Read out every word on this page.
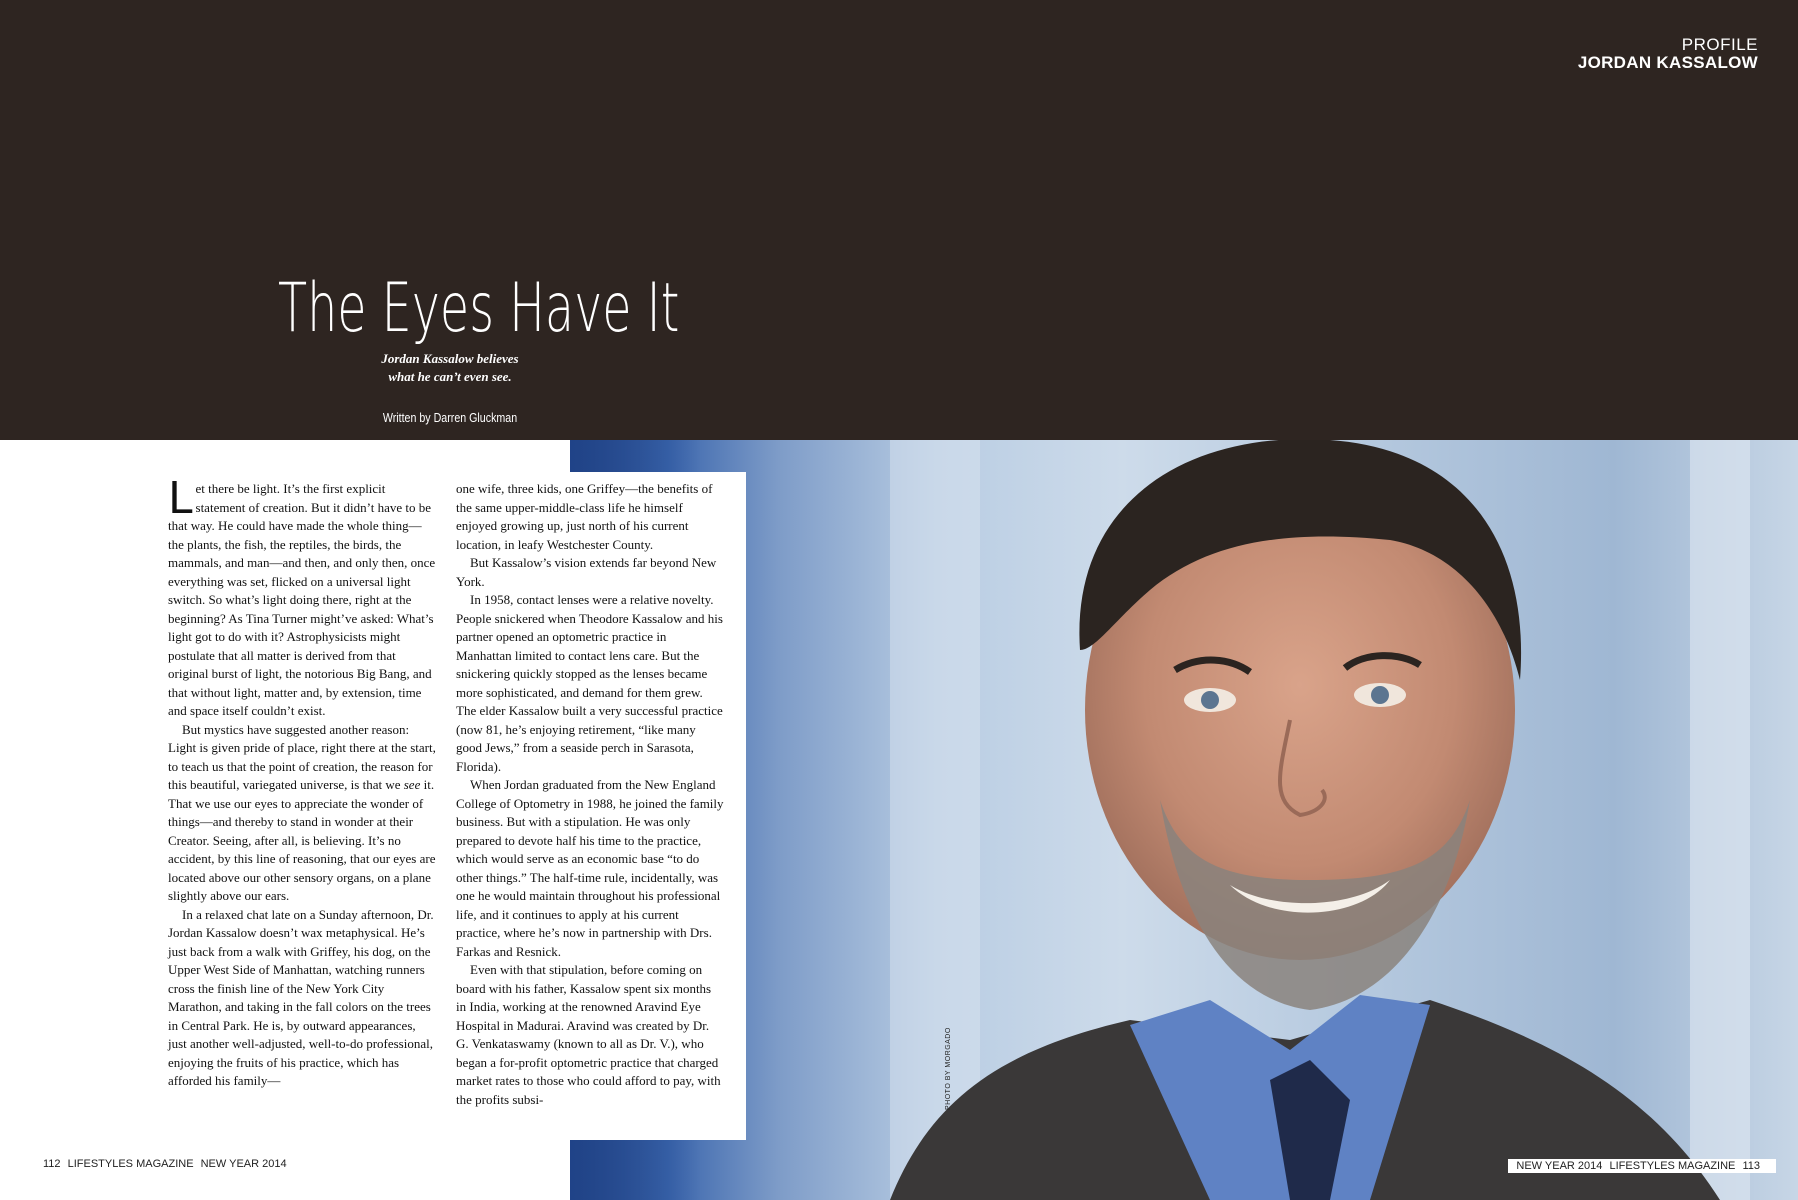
PROFILE
JORDAN KASSALOW
The Eyes Have It
Jordan Kassalow believes
what he can’t even see.
Written by Darren Gluckman
PHOTO BY MORGADO

Let there be light. It’s the first explicit statement of creation. But it didn’t have to be that way. He could have made the whole thing—the plants, the fish, the reptiles, the birds, the mammals, and man—and then, and only then, once everything was set, flicked on a universal light switch. So what’s light doing there, right at the beginning? As Tina Turner might’ve asked: What’s light got to do with it? Astrophysicists might postulate that all matter is derived from that original burst of light, the notorious Big Bang, and that without light, matter and, by extension, time and space itself couldn’t exist.

But mystics have suggested another reason: Light is given pride of place, right there at the start, to teach us that the point of creation, the reason for this beautiful, variegated universe, is that we see it. That we use our eyes to appreciate the wonder of things—and thereby to stand in wonder at their Creator. Seeing, after all, is believing. It’s no accident, by this line of reasoning, that our eyes are located above our other sensory organs, on a plane slightly above our ears.

In a relaxed chat late on a Sunday afternoon, Dr. Jordan Kassalow doesn’t wax metaphysical. He’s just back from a walk with Griffey, his dog, on the Upper West Side of Manhattan, watching runners cross the finish line of the New York City Marathon, and taking in the fall colors on the trees in Central Park. He is, by outward appearances, just another well-adjusted, well-to-do professional, enjoying the fruits of his practice, which has afforded his family—

one wife, three kids, one Griffey—the benefits of the same upper-middle-class life he himself enjoyed growing up, just north of his current location, in leafy Westchester County.

But Kassalow’s vision extends far beyond New York.

In 1958, contact lenses were a relative novelty. People snickered when Theodore Kassalow and his partner opened an optometric practice in Manhattan limited to contact lens care. But the snickering quickly stopped as the lenses became more sophisticated, and demand for them grew. The elder Kassalow built a very successful practice (now 81, he’s enjoying retirement, “like many good Jews,” from a seaside perch in Sarasota, Florida).

When Jordan graduated from the New England College of Optometry in 1988, he joined the family business. But with a stipulation. He was only prepared to devote half his time to the practice, which would serve as an economic base “to do other things.” The half-time rule, incidentally, was one he would maintain throughout his professional life, and it continues to apply at his current practice, where he’s now in partnership with Drs. Farkas and Resnick.

Even with that stipulation, before coming on board with his father, Kassalow spent six months in India, working at the renowned Aravind Eye Hospital in Madurai. Aravind was created by Dr. G. Venkataswamy (known to all as Dr. V.), who began a for-profit optometric practice that charged market rates to those who could afford to pay, with the profits subsi-

112 LIFESTYLES MAGAZINE NEW YEAR 2014	NEW YEAR 2014 LIFESTYLES MAGAZINE 113
